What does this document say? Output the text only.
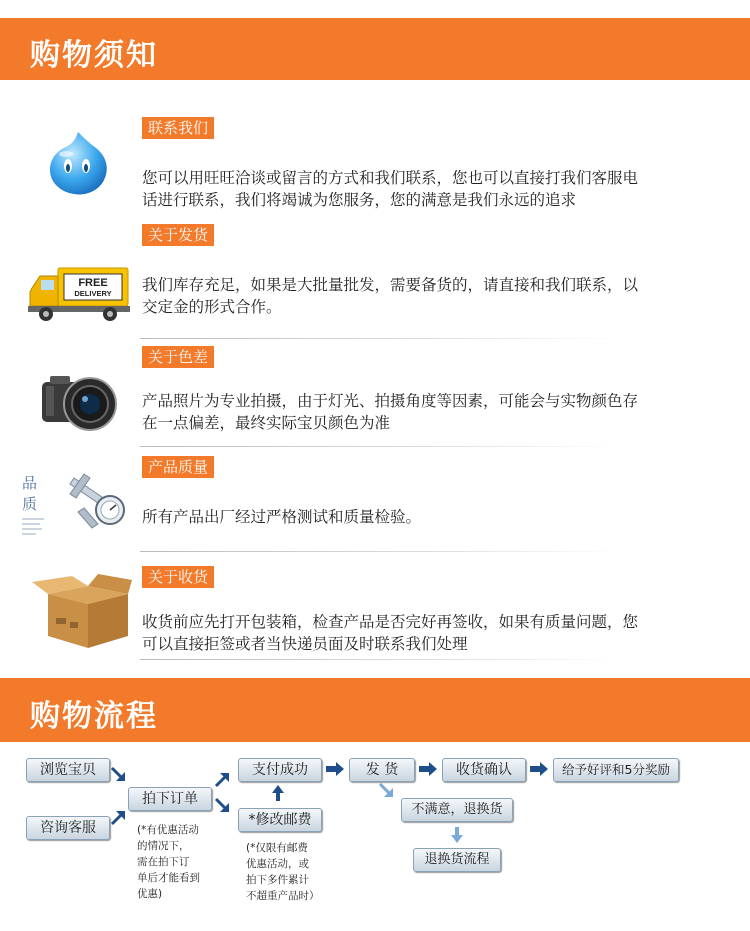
购物须知
联系我们
您可以用旺旺洽谈或留言的方式和我们联系，您也可以直接打我们客服电话进行联系，我们将竭诚为您服务，您的满意是我们永远的追求
关于发货
FREE
DELIVERY 我们库存充足，如果是大批量批发，需要备货的，请直接和我们联系，以交定金的形式合作。
关于色差
产品照片为专业拍摄，由于灯光、拍摄角度等因素，可能会与实物颜色存在一点偏差，最终实际宝贝颜色为准
产品质量
品质
所有产品出厂经过严格测试和质量检验。
关于收货
收货前应先打开包装箱，检查产品是否完好再签收，如果有质量问题，您可以直接拒签或者当快递员面及时联系我们处理
购物流程
浏览宝贝
咨询客服
拍下订单
(*有优惠活动
的情况下，
需在拍下订
单后才能看到
优惠)
支付成功
*修改邮费
(*仅限有邮费
优惠活动，或
拍下多件累计
不超重产品时）
发 货	收货确认	给予好评和5分奖励
不满意，退换货
退换货流程
